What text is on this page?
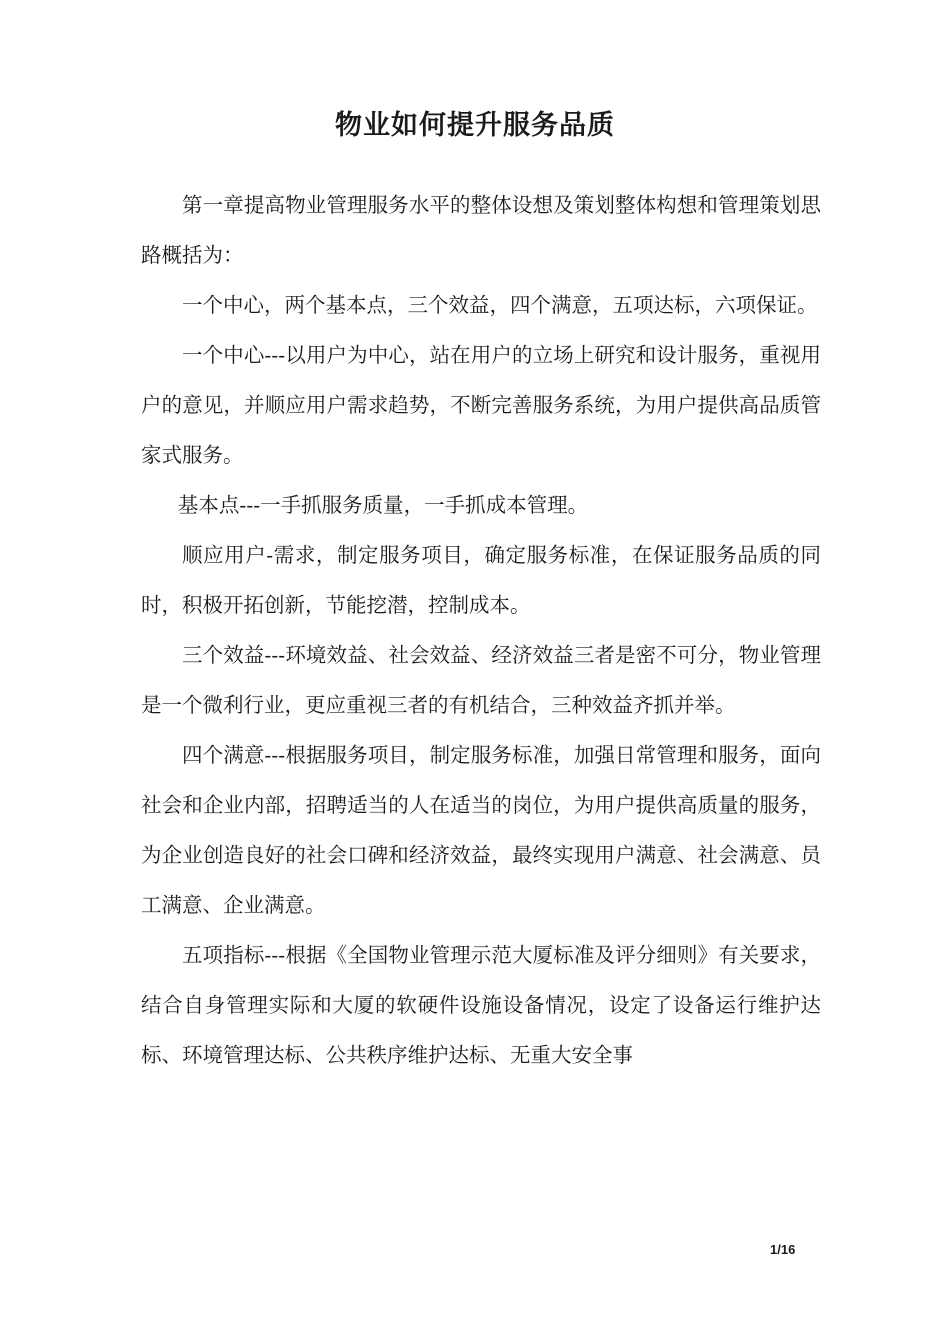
物业如何提升服务品质

第一章提高物业管理服务水平的整体设想及策划整体构想和管理策划思路概括为：

一个中心，两个基本点，三个效益，四个满意，五项达标，六项保证。

一个中心---以用户为中心，站在用户的立场上研究和设计服务，重视用户的意见，并顺应用户需求趋势，不断完善服务系统，为用户提供高品质管家式服务。

基本点---一手抓服务质量，一手抓成本管理。

顺应用户-需求，制定服务项目，确定服务标准，在保证服务品质的同时，积极开拓创新，节能挖潜，控制成本。

三个效益---环境效益、社会效益、经济效益三者是密不可分，物业管理是一个微利行业，更应重视三者的有机结合，三种效益齐抓并举。

四个满意---根据服务项目，制定服务标准，加强日常管理和服务，面向社会和企业内部，招聘适当的人在适当的岗位，为用户提供高质量的服务，为企业创造良好的社会口碑和经济效益，最终实现用户满意、社会满意、员工满意、企业满意。

五项指标---根据《全国物业管理示范大厦标准及评分细则》有关要求，结合自身管理实际和大厦的软硬件设施设备情况，设定了设备运行维护达标、环境管理达标、公共秩序维护达标、无重大安全事

1/16
